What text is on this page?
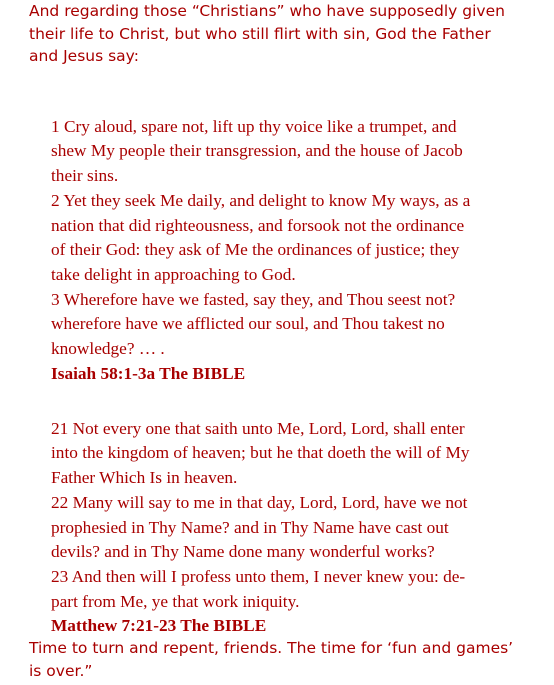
And regarding those “Christians” who have supposedly given
their life to Christ, but who still flirt with sin, God the Father
and Jesus say:

1 Cry aloud, spare not, lift up thy voice like a trumpet, and
shew My people their transgression, and the house of Jacob
their sins.
2 Yet they seek Me daily, and delight to know My ways, as a
nation that did righteousness, and forsook not the ordinance
of their God: they ask of Me the ordinances of justice; they
take delight in approaching to God.
3 Wherefore have we fasted, say they, and Thou seest not?
wherefore have we afflicted our soul, and Thou takest no
knowledge? … .

Isaiah 58:1-3a The BIBLE

21 Not every one that saith unto Me, Lord, Lord, shall enter
into the kingdom of heaven; but he that doeth the will of My
Father Which Is in heaven.
22 Many will say to me in that day, Lord, Lord, have we not
prophesied in Thy Name? and in Thy Name have cast out
devils? and in Thy Name done many wonderful works?
23 And then will I profess unto them, I never knew you: de-
part from Me, ye that work iniquity.

Matthew 7:21-23 The BIBLE

Time to turn and repent, friends. The time for ‘fun and games’
is over.”
